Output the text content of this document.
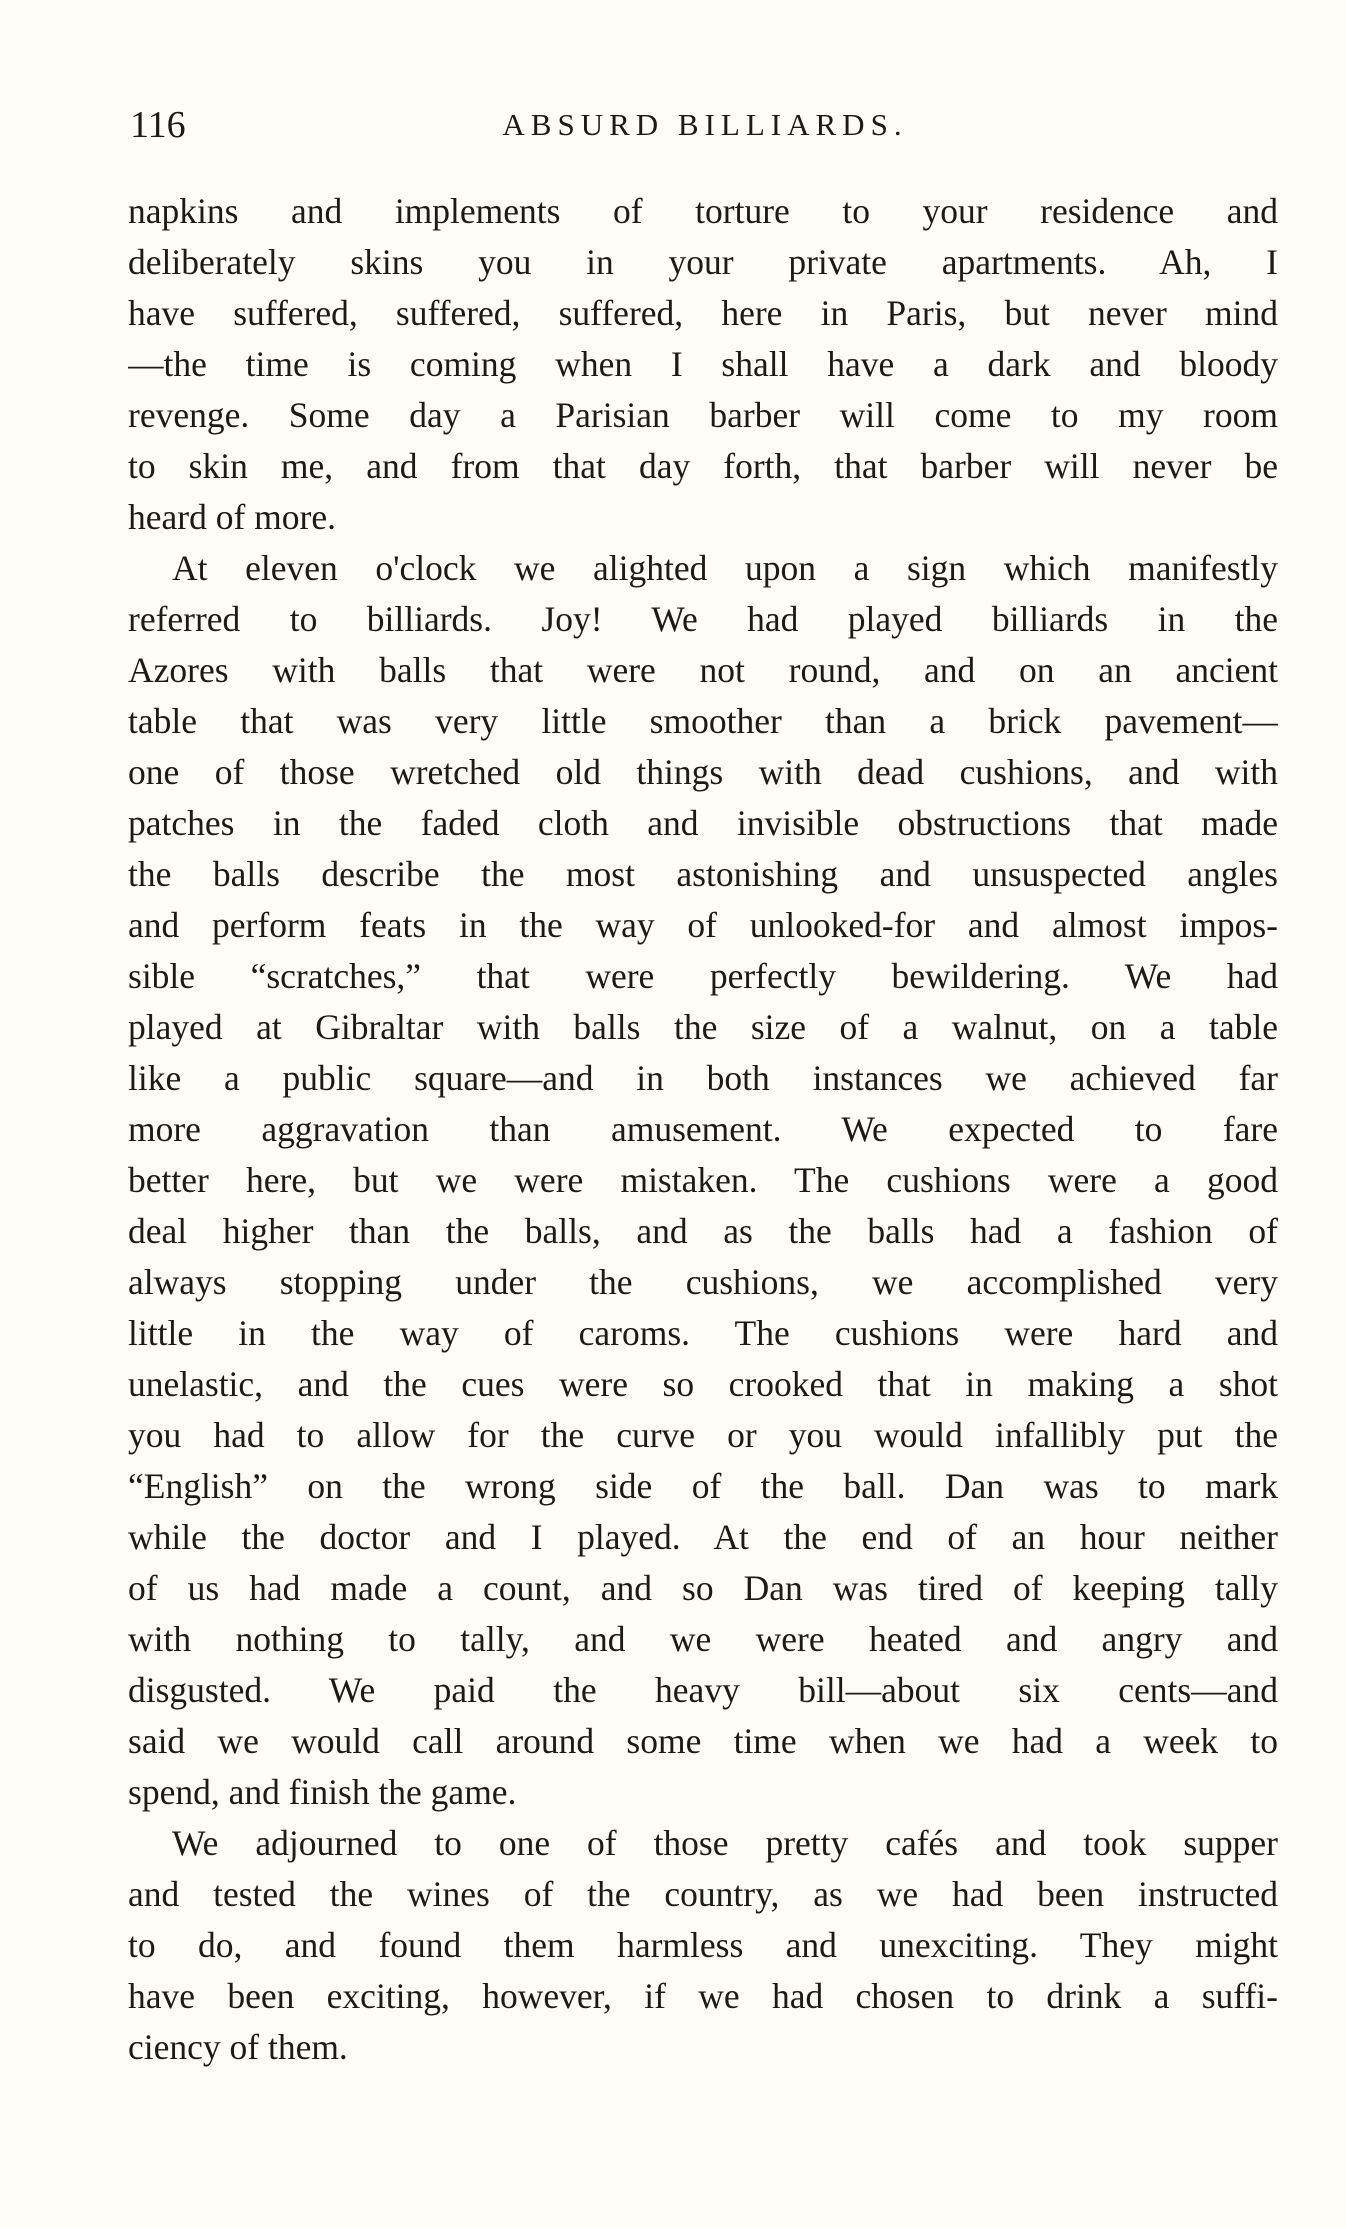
116	ABSURD BILLIARDS.
napkins and implements of torture to your residence and
deliberately skins you in your private apartments. Ah, I
have suffered, suffered, suffered, here in Paris, but never mind
—the time is coming when I shall have a dark and bloody
revenge. Some day a Parisian barber will come to my room
to skin me, and from that day forth, that barber will never be
heard of more.
At eleven o'clock we alighted upon a sign which manifestly
referred to billiards. Joy! We had played billiards in the
Azores with balls that were not round, and on an ancient
table that was very little smoother than a brick pavement—
one of those wretched old things with dead cushions, and with
patches in the faded cloth and invisible obstructions that made
the balls describe the most astonishing and unsuspected angles
and perform feats in the way of unlooked-for and almost impos-
sible “scratches,” that were perfectly bewildering. We had
played at Gibraltar with balls the size of a walnut, on a table
like a public square—and in both instances we achieved far
more aggravation than amusement. We expected to fare
better here, but we were mistaken. The cushions were a good
deal higher than the balls, and as the balls had a fashion of
always stopping under the cushions, we accomplished very
little in the way of caroms. The cushions were hard and
unelastic, and the cues were so crooked that in making a shot
you had to allow for the curve or you would infallibly put the
“English” on the wrong side of the ball. Dan was to mark
while the doctor and I played. At the end of an hour neither
of us had made a count, and so Dan was tired of keeping tally
with nothing to tally, and we were heated and angry and
disgusted. We paid the heavy bill—about six cents—and
said we would call around some time when we had a week to
spend, and finish the game.
We adjourned to one of those pretty cafés and took supper
and tested the wines of the country, as we had been instructed
to do, and found them harmless and unexciting. They might
have been exciting, however, if we had chosen to drink a suffi-
ciency of them.
